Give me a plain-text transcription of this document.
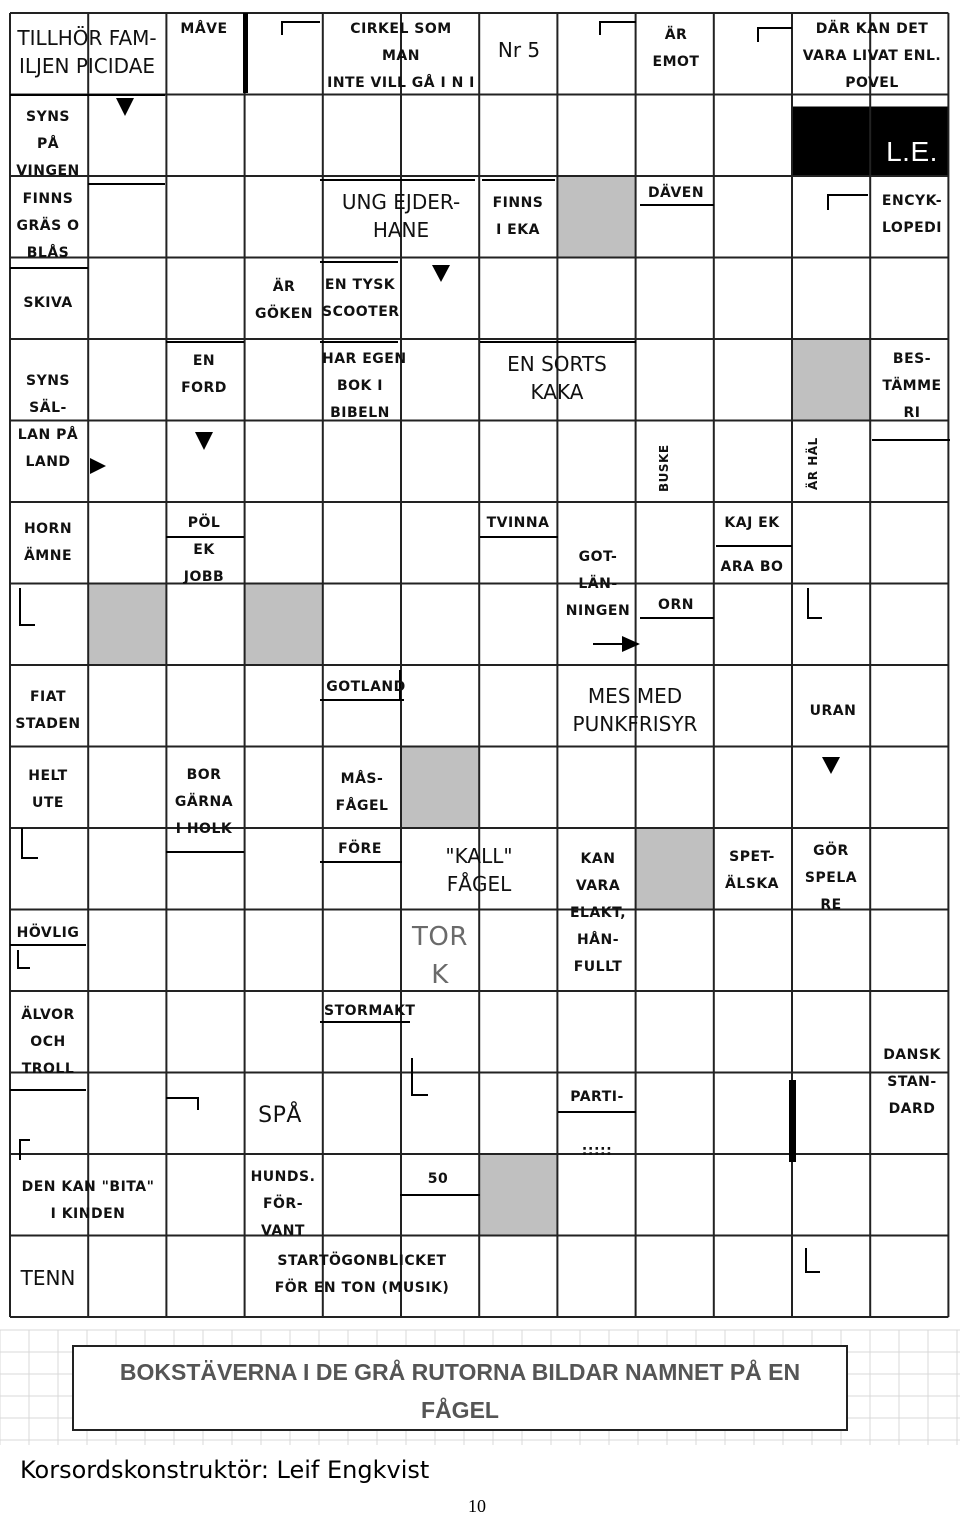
TILLHÖR FAM-
ILJEN PICIDAE
MÅVE	CIRKEL SOM
MAN
INTE VILL GÅ I N I
Nr 5
ÄR
EMOT
DÄR KAN DET
VARA LIVAT ENL.
POVEL
SYNS
PÅ
VINGEN
L.E.
FINNS
GRÄS O
BLÅS
UNG EJDER-
HANE
FINNS
I EKA
DÄVEN	ENCYK-
LOPEDI
SKIVA
ÄR
GÖKEN
EN TYSK
SCOOTER
SYNS
SÄL-
LAN PÅ
LAND
EN
FORD
HAR EGEN
BOK I
BIBELN
EN SORTS
KAKA
BES-
TÄMME
RI
BUSKE	ÄR HÄL
HORN
ÄMNE
PÖL
EK
JOBB
TVINNA
GOT-
LÄN-
NINGEN
KAJ EK
ARA BO
ORN
FIAT
STADEN
GOTLAND	MES MED
PUNKFRISYR
URAN
HELT
UTE
BOR
GÄRNA
I HOLK
MÅS-
FÅGEL
FÖRE	"KALL"
FÅGEL
KAN
VARA
ELAKT,
HÅN-
FULLT
SPET-
ÄLSKA
GÖR
SPELA
RE
HÖVLIG	TOR
K
ÄLVOR
OCH
TROLL
STORMAKT
DANSK
STAN-
DARD
SPÅ
PARTI-

:::::
DEN KAN "BITA"
I KINDEN
HUNDS.
FÖR-
VANT
50
TENN
STARTÖGONBLICKET
FÖR EN TON (MUSIK)
BOKSTÄVERNA I DE GRÅ RUTORNA BILDAR NAMNET PÅ EN
FÅGEL
Korsordskonstruktör: Leif Engkvist
10
